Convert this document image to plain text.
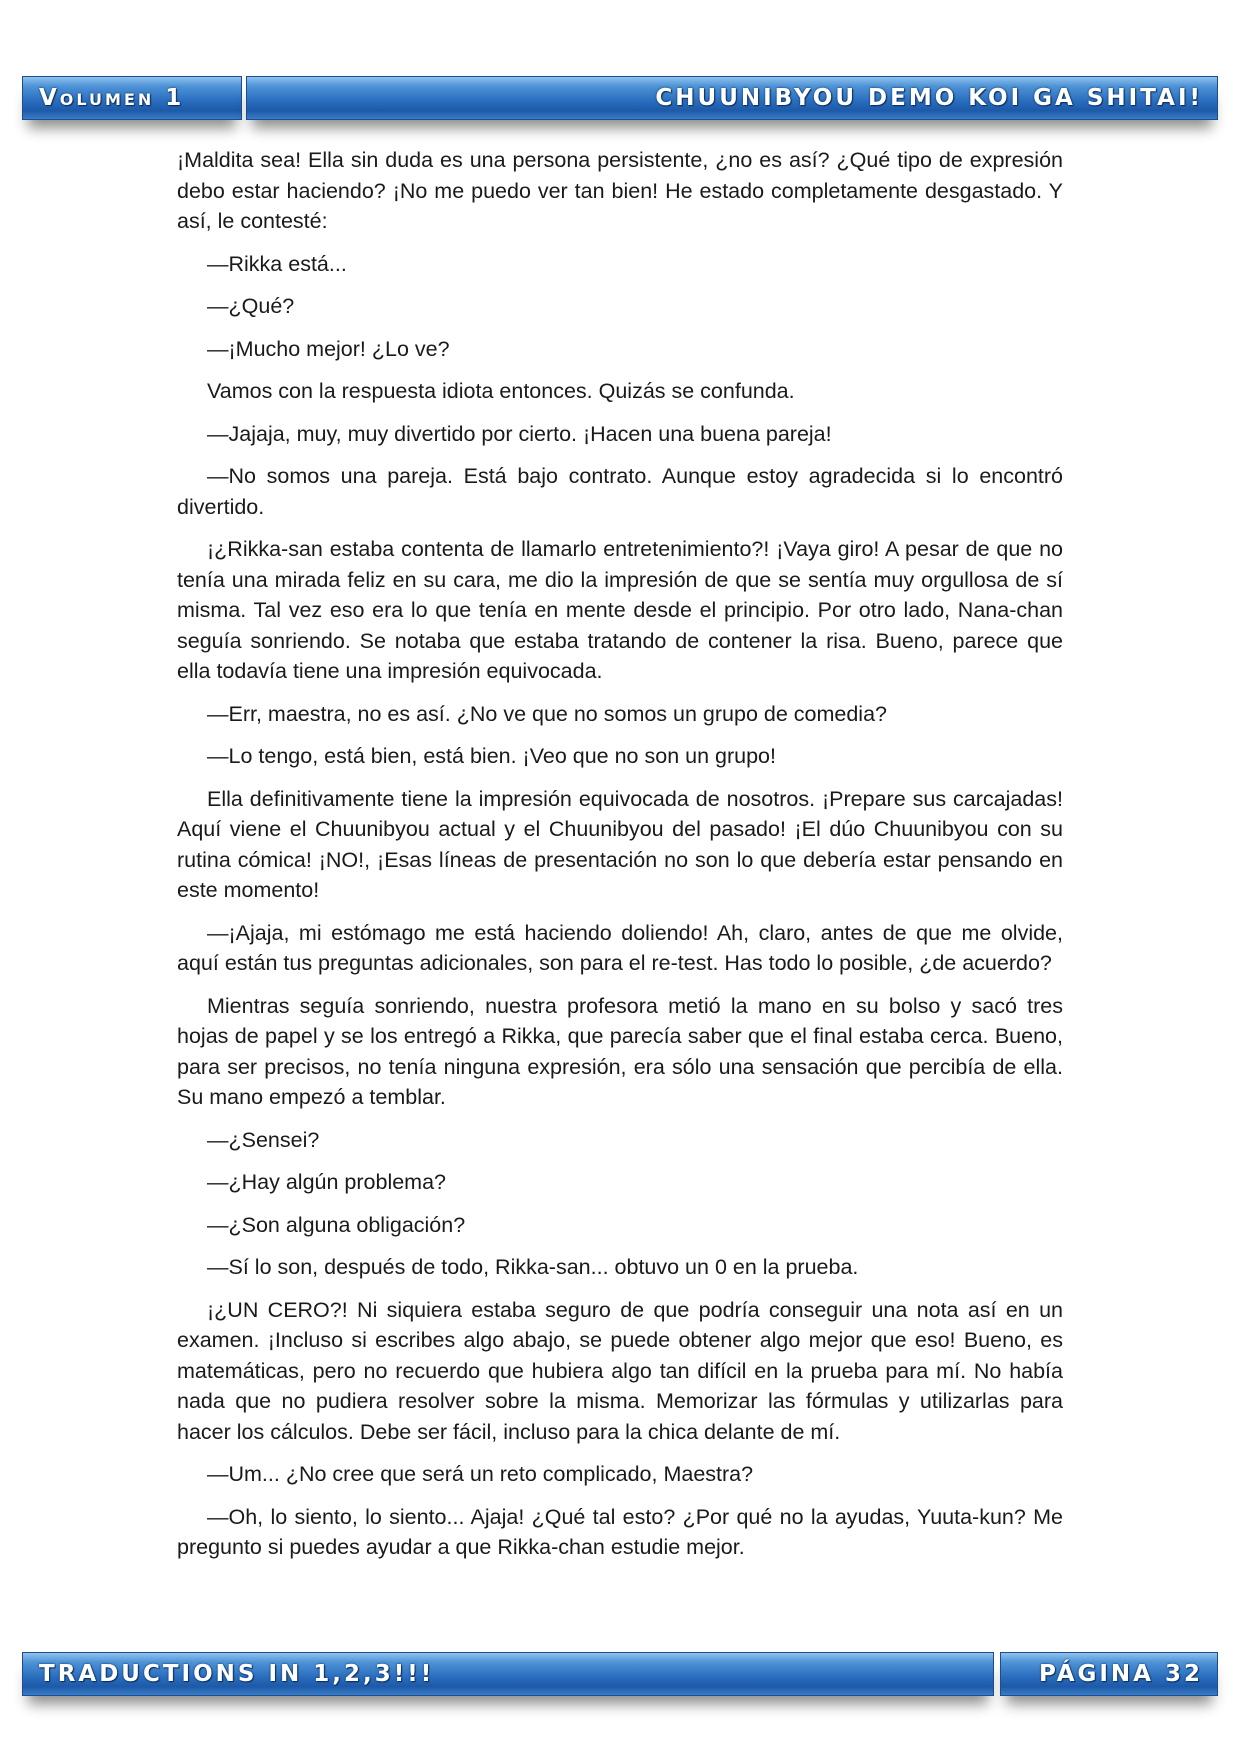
Volumen 1	CHUUNIBYOU DEMO KOI GA SHITAI!

¡Maldita sea! Ella sin duda es una persona persistente, ¿no es así? ¿Qué tipo de expresión debo estar haciendo? ¡No me puedo ver tan bien! He estado completamente desgastado. Y así, le contesté:

—Rikka está...

—¿Qué?

—¡Mucho mejor! ¿Lo ve?

Vamos con la respuesta idiota entonces. Quizás se confunda.

—Jajaja, muy, muy divertido por cierto. ¡Hacen una buena pareja!

—No somos una pareja. Está bajo contrato. Aunque estoy agradecida si lo encontró divertido.

¡¿Rikka-san estaba contenta de llamarlo entretenimiento?! ¡Vaya giro! A pesar de que no tenía una mirada feliz en su cara, me dio la impresión de que se sentía muy orgullosa de sí misma. Tal vez eso era lo que tenía en mente desde el principio. Por otro lado, Nana-chan seguía sonriendo. Se notaba que estaba tratando de contener la risa. Bueno, parece que ella todavía tiene una impresión equivocada.

—Err, maestra, no es así. ¿No ve que no somos un grupo de comedia?

—Lo tengo, está bien, está bien. ¡Veo que no son un grupo!

Ella definitivamente tiene la impresión equivocada de nosotros. ¡Prepare sus carcajadas! Aquí viene el Chuunibyou actual y el Chuunibyou del pasado! ¡El dúo Chuunibyou con su rutina cómica! ¡NO!, ¡Esas líneas de presentación no son lo que debería estar pensando en este momento!

—¡Ajaja, mi estómago me está haciendo doliendo! Ah, claro, antes de que me olvide, aquí están tus preguntas adicionales, son para el re-test. Has todo lo posible, ¿de acuerdo?

Mientras seguía sonriendo, nuestra profesora metió la mano en su bolso y sacó tres hojas de papel y se los entregó a Rikka, que parecía saber que el final estaba cerca. Bueno, para ser precisos, no tenía ninguna expresión, era sólo una sensación que percibía de ella. Su mano empezó a temblar.

—¿Sensei?

—¿Hay algún problema?

—¿Son alguna obligación?

—Sí lo son, después de todo, Rikka-san... obtuvo un 0 en la prueba.

¡¿UN CERO?! Ni siquiera estaba seguro de que podría conseguir una nota así en un examen. ¡Incluso si escribes algo abajo, se puede obtener algo mejor que eso! Bueno, es matemáticas, pero no recuerdo que hubiera algo tan difícil en la prueba para mí. No había nada que no pudiera resolver sobre la misma. Memorizar las fórmulas y utilizarlas para hacer los cálculos. Debe ser fácil, incluso para la chica delante de mí.

—Um... ¿No cree que será un reto complicado, Maestra?

—Oh, lo siento, lo siento... Ajaja! ¿Qué tal esto? ¿Por qué no la ayudas, Yuuta-kun? Me pregunto si puedes ayudar a que Rikka-chan estudie mejor.

TRADUCTIONS IN 1,2,3!!!	PÁGINA 32
